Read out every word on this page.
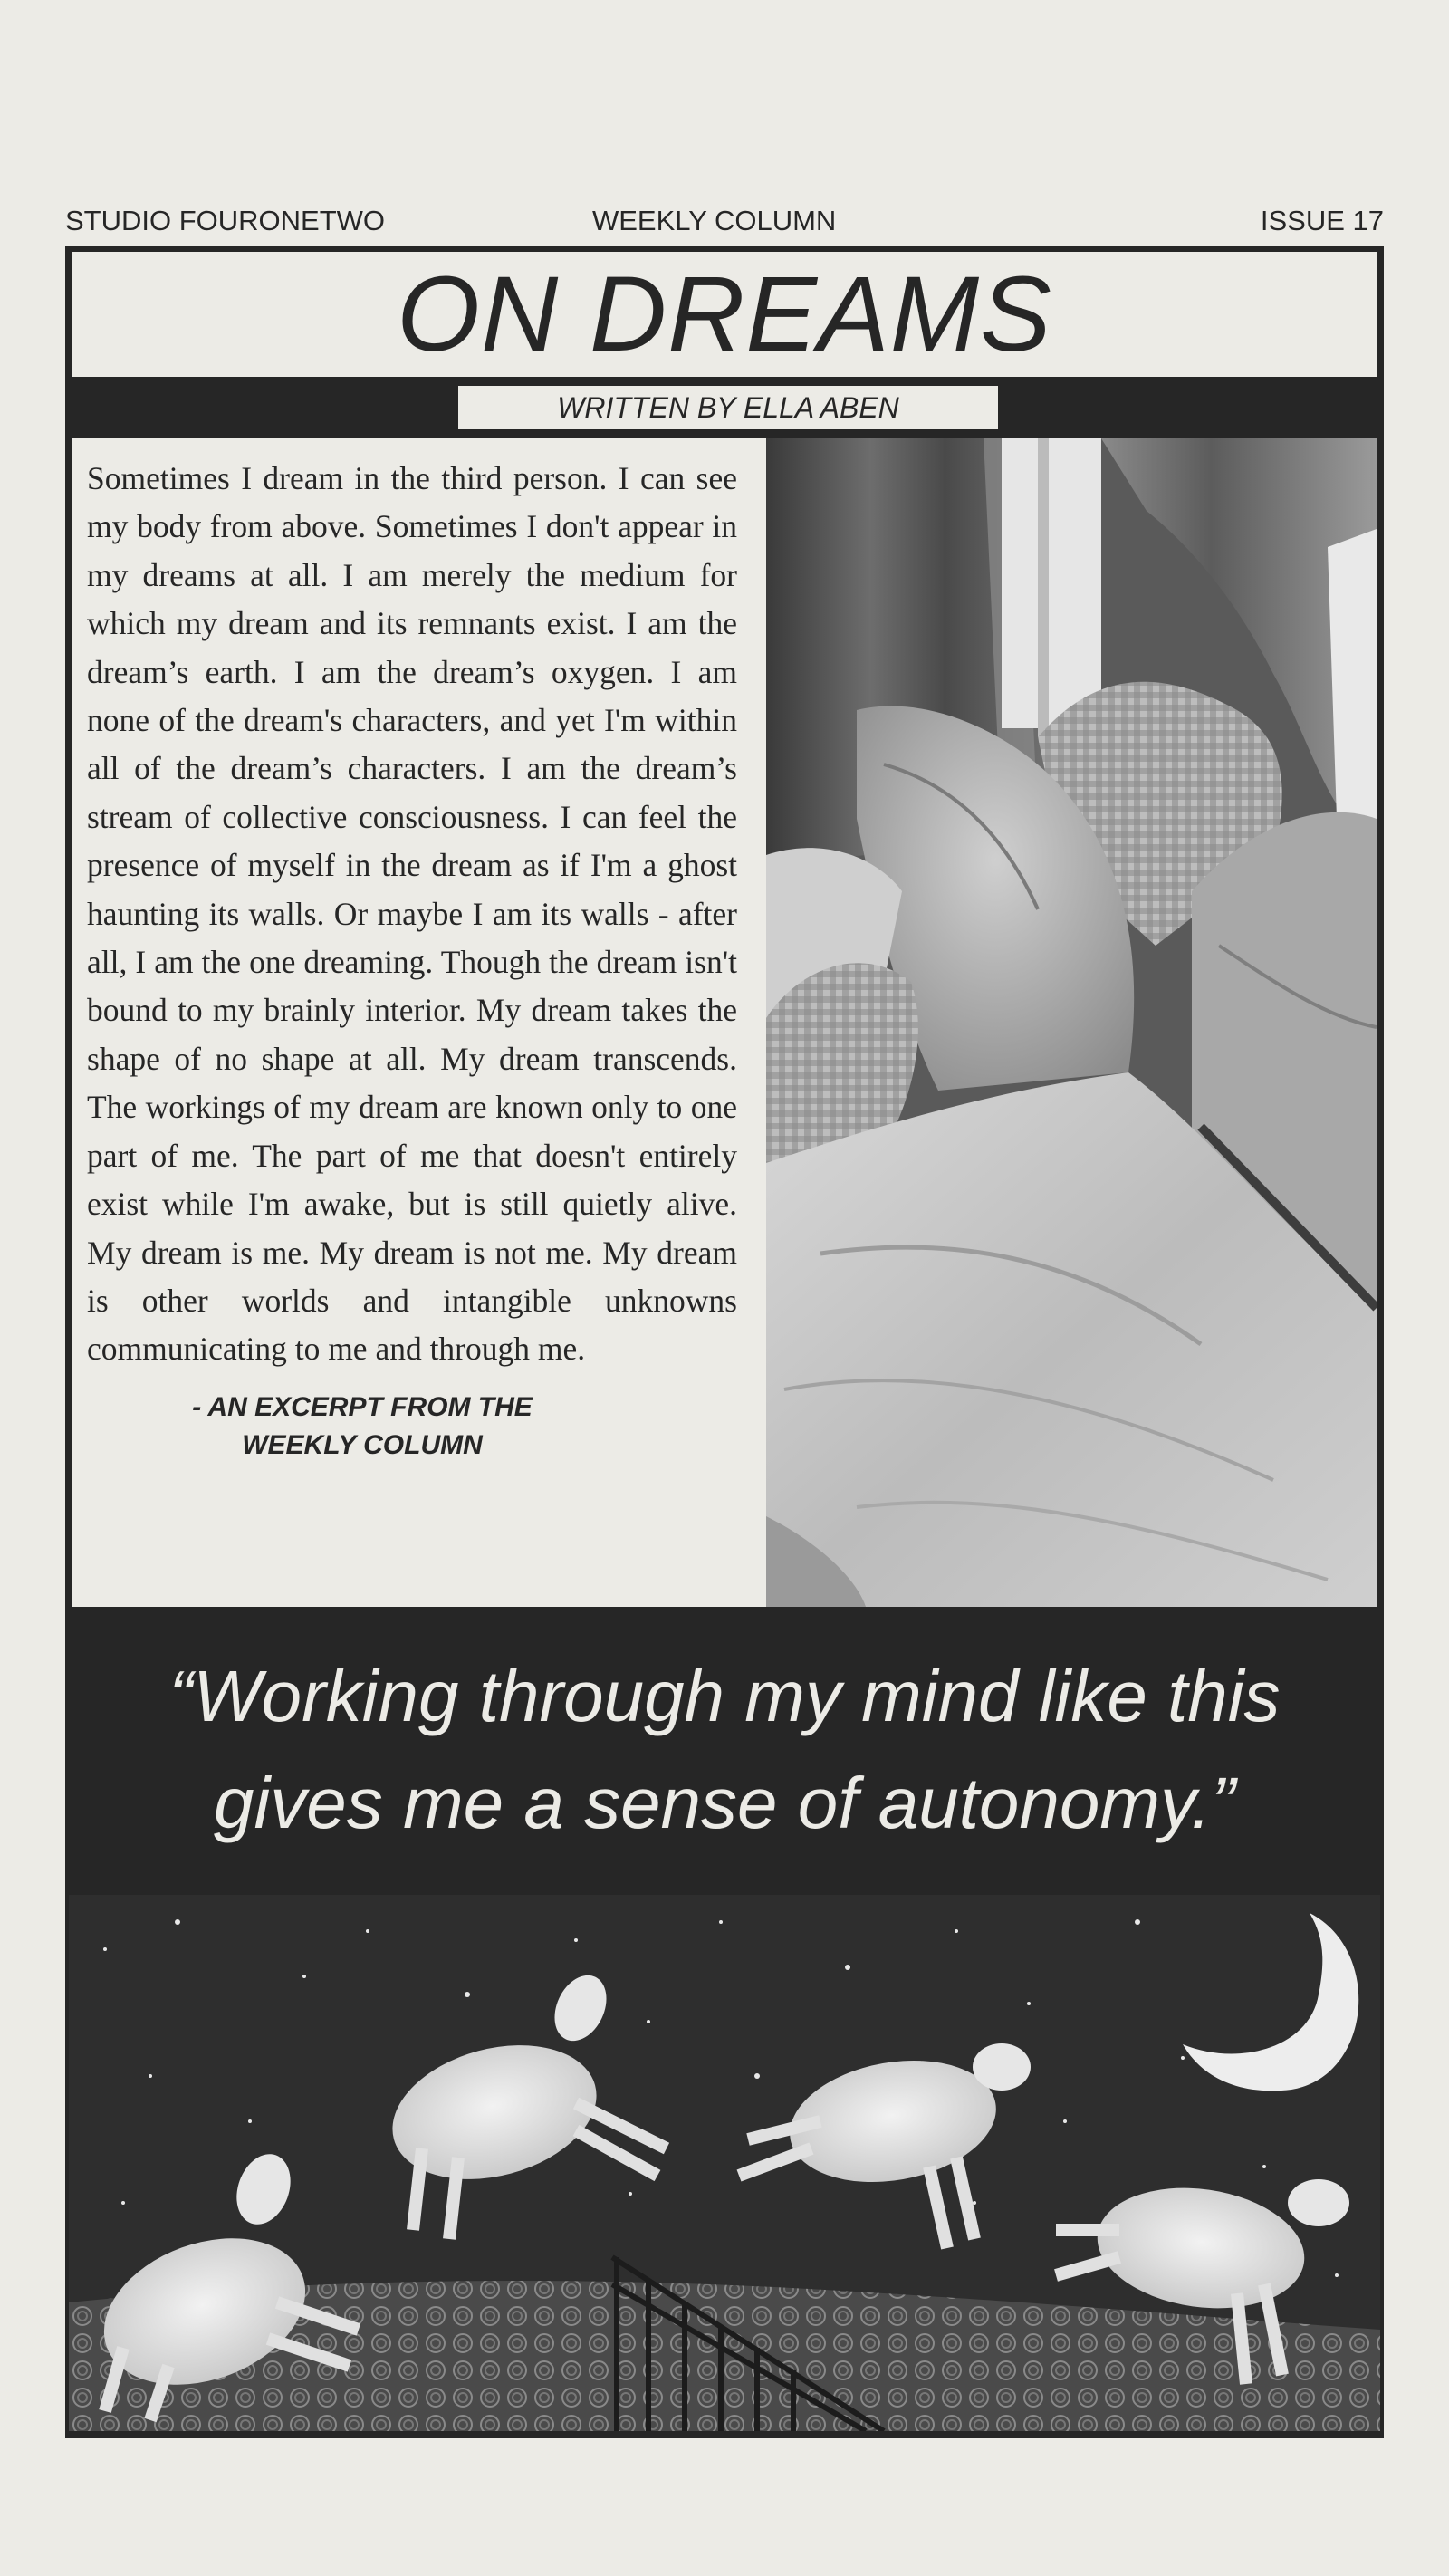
STUDIO FOURONETWO	WEEKLY COLUMN	ISSUE 17
ON DREAMS
WRITTEN BY ELLA ABEN

Sometimes I dream in the third person. I can see my body from above. Sometimes I don't appear in my dreams at all. I am merely the medium for which my dream and its remnants exist. I am the dream’s earth. I am the dream’s oxygen. I am none of the dream's characters, and yet I'm within all of the dream’s characters. I am the dream’s stream of collective consciousness. I can feel the presence of myself in the dream as if I'm a ghost haunting its walls. Or maybe I am its walls - after all, I am the one dreaming. Though the dream isn't bound to my brainly interior. My dream takes the shape of no shape at all. My dream transcends. The workings of my dream are known only to one part of me. The part of me that doesn't entirely exist while I'm awake, but is still quietly alive. My dream is me. My dream is not me. My dream is other worlds and intangible unknowns communicating to me and through me.

- AN EXCERPT FROM THE
WEEKLY COLUMN

“Working through my mind like this
gives me a sense of autonomy.”
